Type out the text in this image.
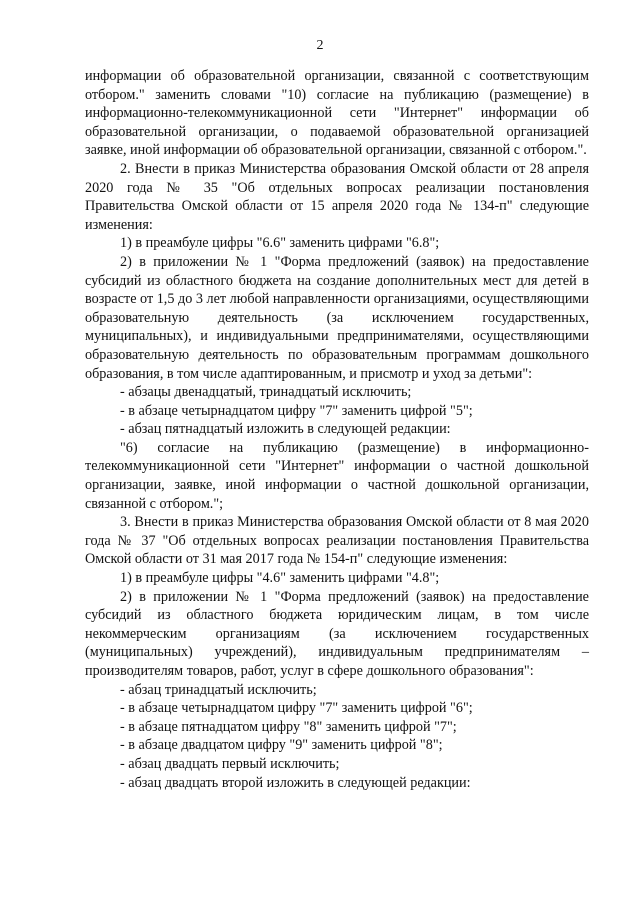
2

информации об образовательной организации, связанной с соответствующим отбором." заменить словами "10) согласие на публикацию (размещение) в информационно-телекоммуникационной сети "Интернет" информации об образовательной организации, о подаваемой образовательной организацией заявке, иной информации об образовательной организации, связанной с отбором.".

2. Внести в приказ Министерства образования Омской области от 28 апреля 2020 года № 35 "Об отдельных вопросах реализации постановления Правительства Омской области от 15 апреля 2020 года № 134-п" следующие изменения:

1) в преамбуле цифры "6.6" заменить цифрами "6.8";

2) в приложении № 1 "Форма предложений (заявок) на предоставление субсидий из областного бюджета на создание дополнительных мест для детей в возрасте от 1,5 до 3 лет любой направленности организациями, осуществляющими образовательную деятельность (за исключением государственных, муниципальных), и индивидуальными предпринимателями, осуществляющими образовательную деятельность по образовательным программам дошкольного образования, в том числе адаптированным, и присмотр и уход за детьми":

- абзацы двенадцатый, тринадцатый исключить;

- в абзаце четырнадцатом цифру "7" заменить цифрой "5";

- абзац пятнадцатый изложить в следующей редакции:

"6) согласие на публикацию (размещение) в информационно-телекоммуникационной сети "Интернет" информации о частной дошкольной организации, заявке, иной информации о частной дошкольной организации, связанной с отбором.";

3. Внести в приказ Министерства образования Омской области от 8 мая 2020 года № 37 "Об отдельных вопросах реализации постановления Правительства Омской области от 31 мая 2017 года № 154-п" следующие изменения:

1) в преамбуле цифры "4.6" заменить цифрами "4.8";

2) в приложении № 1 "Форма предложений (заявок) на предоставление субсидий из областного бюджета юридическим лицам, в том числе некоммерческим организациям (за исключением государственных (муниципальных) учреждений), индивидуальным предпринимателям – производителям товаров, работ, услуг в сфере дошкольного образования":

- абзац тринадцатый исключить;

- в абзаце четырнадцатом цифру "7" заменить цифрой "6";

- в абзаце пятнадцатом цифру "8" заменить цифрой "7";

- в абзаце двадцатом цифру "9" заменить цифрой "8";

- абзац двадцать первый исключить;

- абзац двадцать второй изложить в следующей редакции:
